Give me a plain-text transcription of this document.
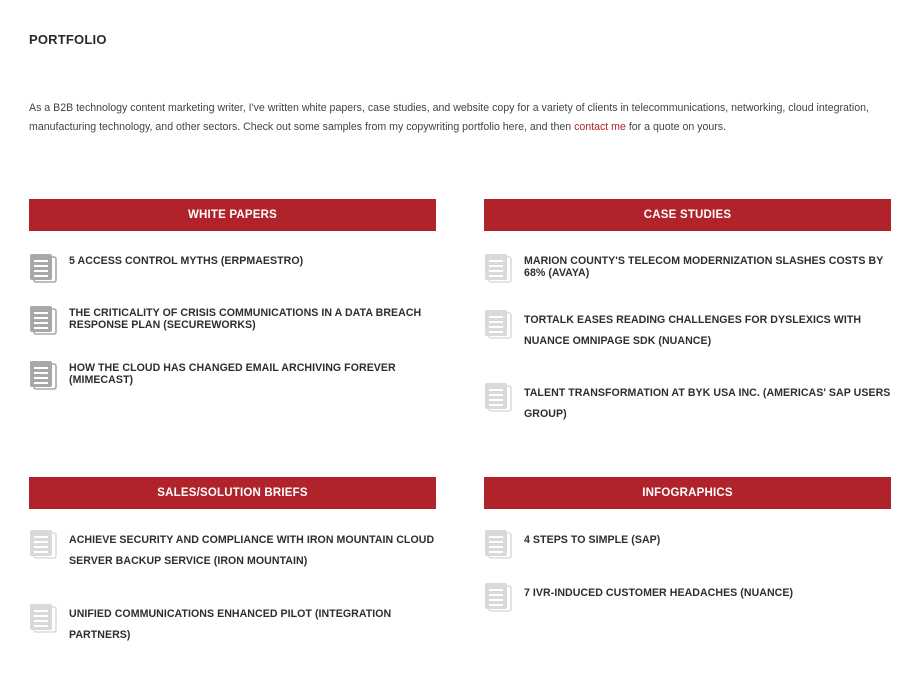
PORTFOLIO

As a B2B technology content marketing writer, I've written white papers, case studies, and website copy for a variety of clients in telecommunications, networking, cloud integration, manufacturing technology, and other sectors. Check out some samples from my copywriting portfolio here, and then contact me for a quote on yours.

WHITE PAPERS
5 ACCESS CONTROL MYTHS (ERPMAESTRO)
THE CRITICALITY OF CRISIS COMMUNICATIONS IN A DATA BREACH RESPONSE PLAN (SECUREWORKS)
HOW THE CLOUD HAS CHANGED EMAIL ARCHIVING FOREVER (MIMECAST)
CASE STUDIES
MARION COUNTY'S TELECOM MODERNIZATION SLASHES COSTS BY 68% (AVAYA)
TORTALK EASES READING CHALLENGES FOR DYSLEXICS WITH NUANCE OMNIPAGE SDK (NUANCE)
TALENT TRANSFORMATION AT BYK USA INC. (AMERICAS' SAP USERS GROUP)
SALES/SOLUTION BRIEFS
ACHIEVE SECURITY AND COMPLIANCE WITH IRON MOUNTAIN CLOUD SERVER BACKUP SERVICE (IRON MOUNTAIN)
UNIFIED COMMUNICATIONS ENHANCED PILOT (INTEGRATION PARTNERS)
INFOGRAPHICS
4 STEPS TO SIMPLE (SAP)
7 IVR-INDUCED CUSTOMER HEADACHES (NUANCE)
